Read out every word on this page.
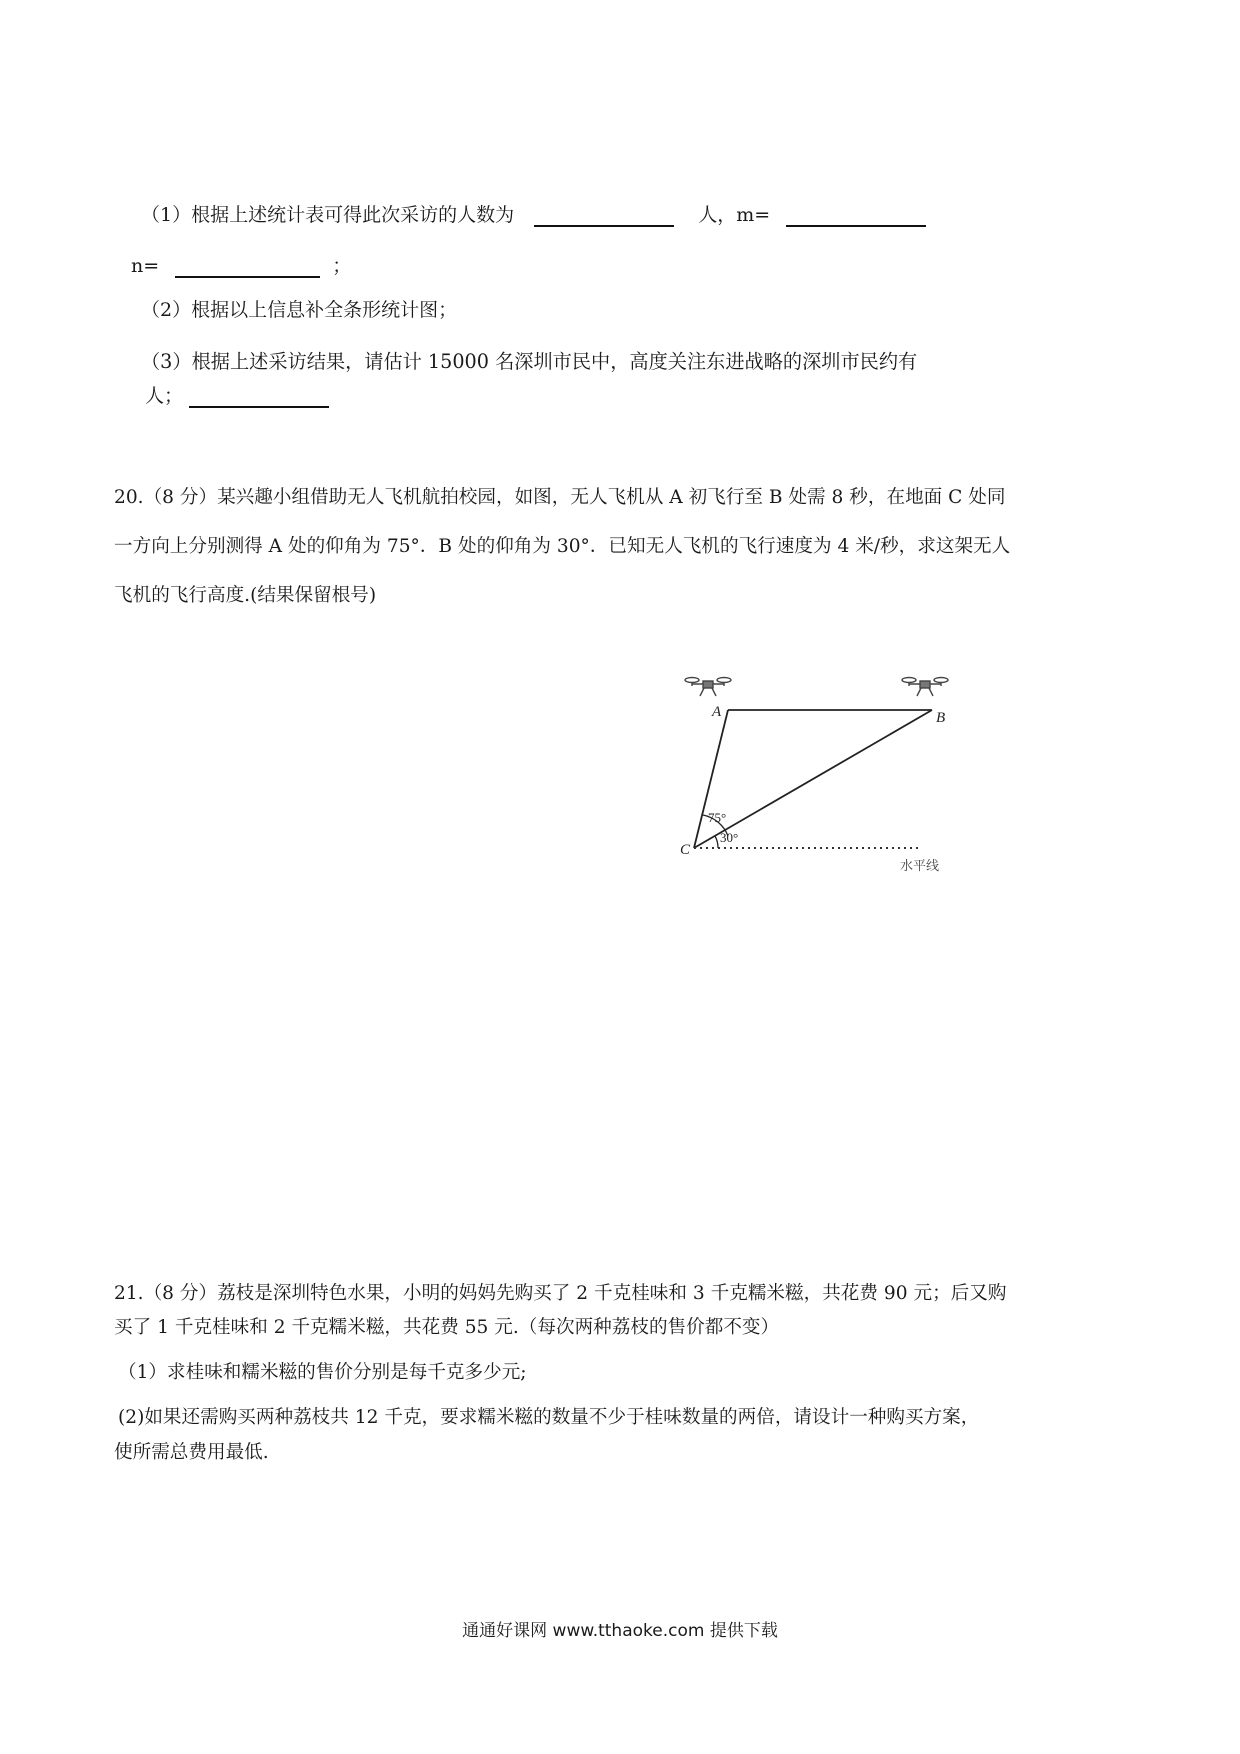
（1）根据上述统计表可得此次采访的人数为	人，m=
n=	；
（2）根据以上信息补全条形统计图；
（3）根据上述采访结果，请估计 15000 名深圳市民中，高度关注东进战略的深圳市民约有
人；
20.（8 分）某兴趣小组借助无人飞机航拍校园，如图，无人飞机从 A 初飞行至 B 处需 8 秒，在地面 C 处同
一方向上分别测得 A 处的仰角为 75°．B 处的仰角为 30°．已知无人飞机的飞行速度为 4 米/秒，求这架无人
飞机的飞行高度.(结果保留根号)
A	B
C
75°
30°
水平线
21.（8 分）荔枝是深圳特色水果，小明的妈妈先购买了 2 千克桂味和 3 千克糯米糍，共花费 90 元；后又购
买了 1 千克桂味和 2 千克糯米糍，共花费 55 元.（每次两种荔枝的售价都不变）
（1）求桂味和糯米糍的售价分别是每千克多少元;
(2)如果还需购买两种荔枝共 12 千克，要求糯米糍的数量不少于桂味数量的两倍，请设计一种购买方案，
使所需总费用最低.
通通好课网 www.tthaoke.com 提供下载
